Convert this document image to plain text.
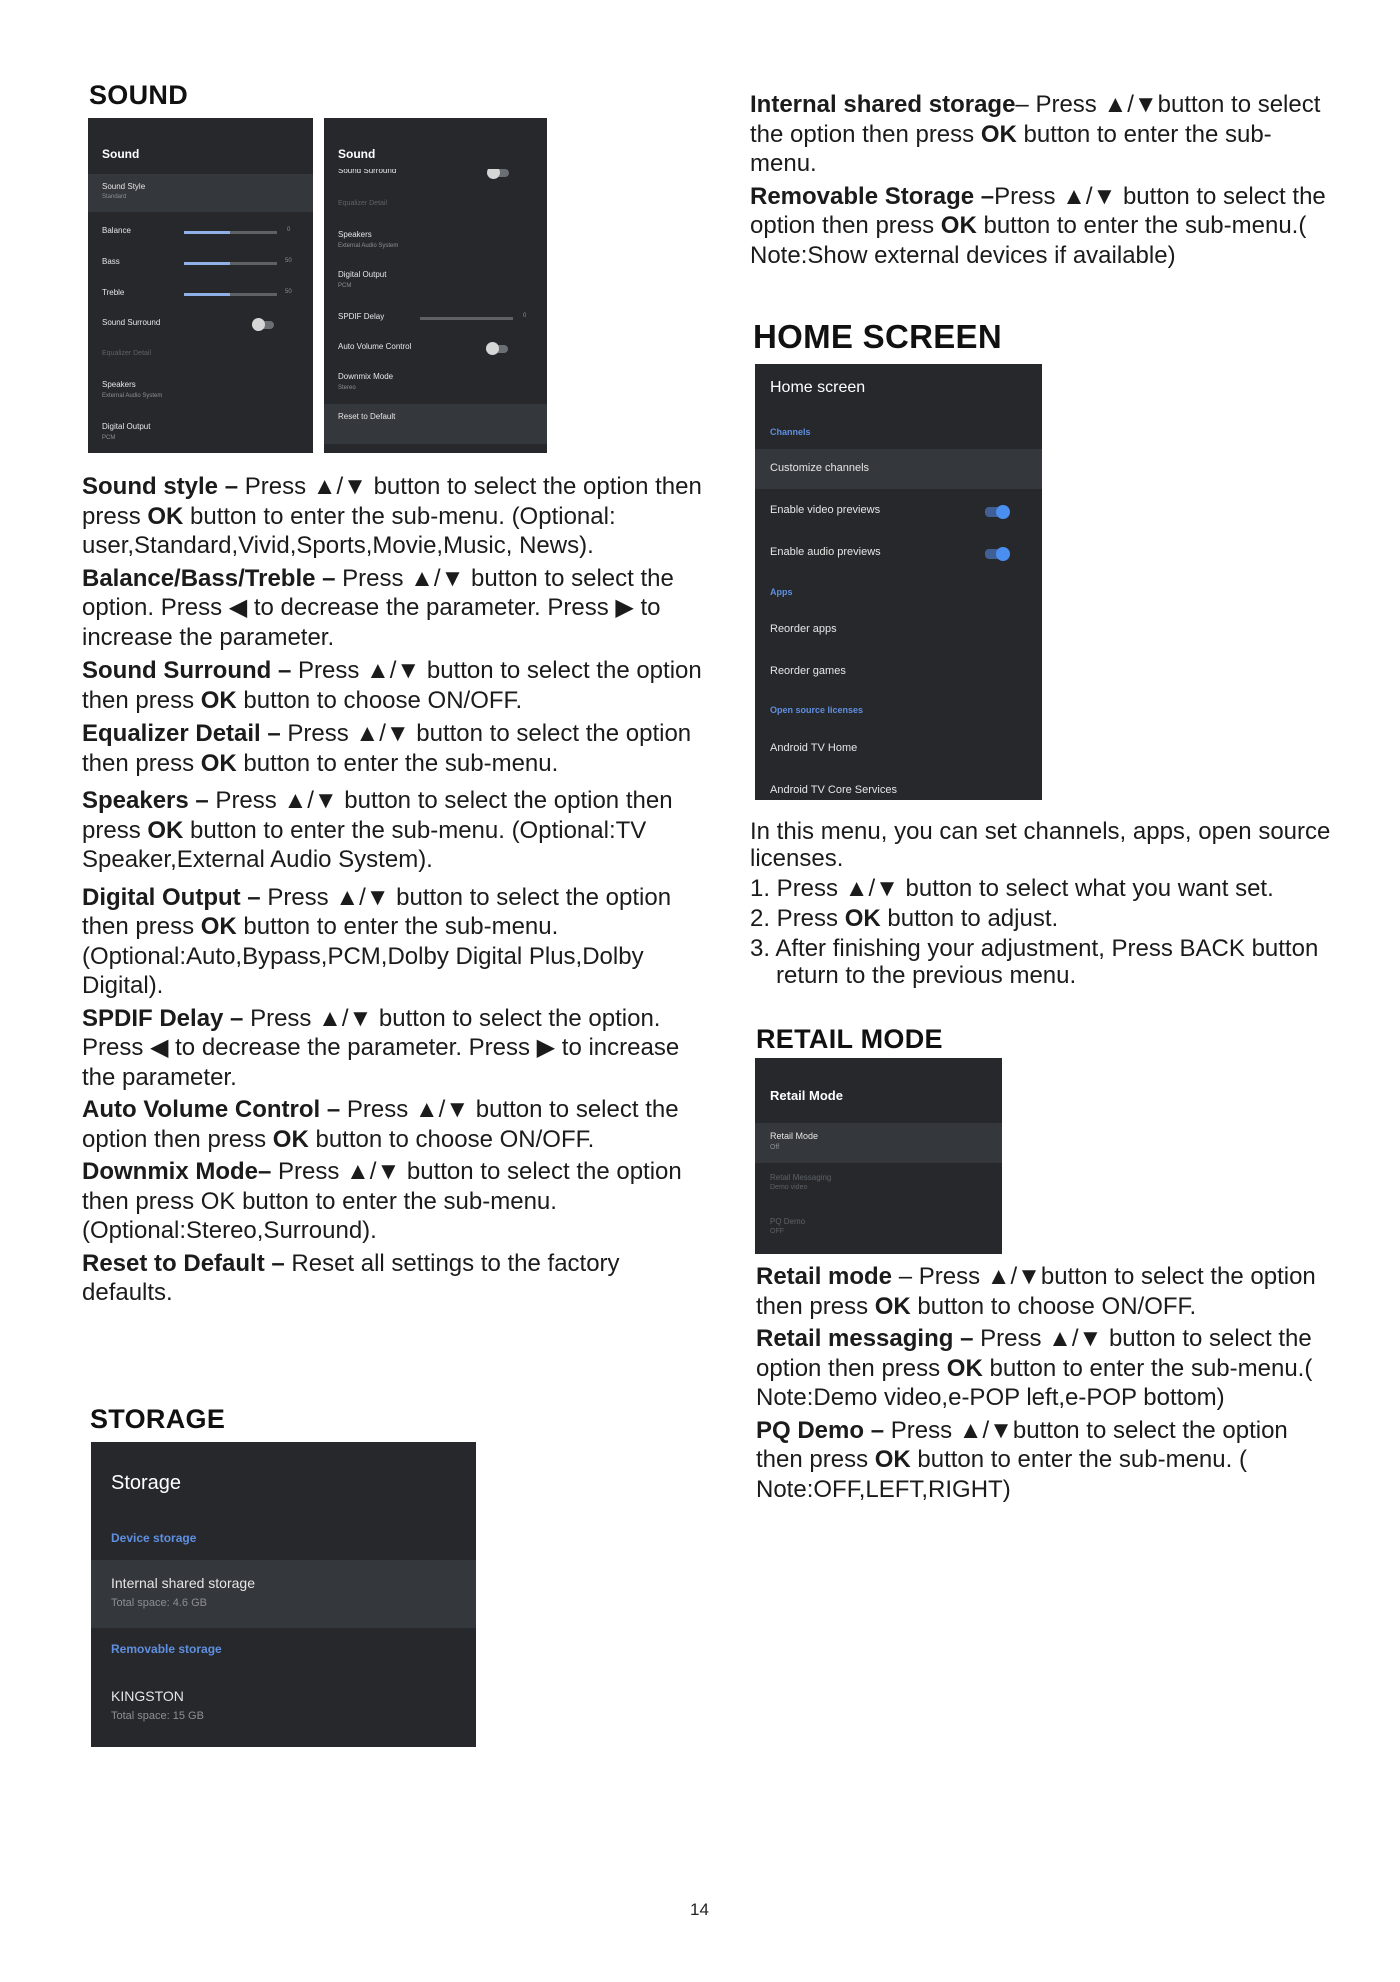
SOUND
Sound
Sound Style
Standard
Balance	0
Bass	50
Treble	50
Sound Surround
Equalizer Detail
Speakers
External Audio System
Digital Output
PCM
Sound
Sound Surround
Equalizer Detail
Speakers
External Audio System
Digital Output
PCM
SPDIF Delay	0
Auto Volume Control
Downmix Mode
Stereo
Reset to Default

Sound style – Press ▲/▼ button to select the option then press OK button to enter the sub-menu. (Optional: user,Standard,Vivid,Sports,Movie,Music, News).

Balance/Bass/Treble – Press ▲/▼ button to select the option. Press ◀ to decrease the parameter. Press ▶ to increase the parameter.

Sound Surround – Press ▲/▼ button to select the option then press OK button to choose ON/OFF.

Equalizer Detail – Press ▲/▼ button to select the option then press OK button to enter the sub-menu.

Speakers – Press ▲/▼ button to select the option then press OK button to enter the sub-menu. (Optional:TV Speaker,External Audio System).

Digital Output – Press ▲/▼ button to select the option then press OK button to enter the sub-menu. (Optional:Auto,Bypass,PCM,Dolby Digital Plus,Dolby Digital).

SPDIF Delay – Press ▲/▼ button to select the option. Press ◀ to decrease the parameter. Press ▶ to increase the parameter.

Auto Volume Control – Press ▲/▼ button to select the option then press OK button to choose ON/OFF.

Downmix Mode– Press ▲/▼ button to select the option then press OK button to enter the sub-menu. (Optional:Stereo,Surround).

Reset to Default – Reset all settings to the factory defaults.

STORAGE
Storage
Device storage
Internal shared storage
Total space: 4.6 GB
Removable storage
KINGSTON
Total space: 15 GB

Internal shared storage– Press ▲/▼button to select the option then press OK button to enter the sub-menu.

Removable Storage –Press ▲/▼ button to select the option then press OK button to enter the sub-menu.( Note:Show external devices if available)

HOME SCREEN
Home screen
Channels
Customize channels
Enable video previews
Enable audio previews
Apps
Reorder apps
Reorder games
Open source licenses
Android TV Home
Android TV Core Services

In this menu, you can set channels, apps, open source licenses.

1. Press ▲/▼ button to select what you want set.

2. Press OK button to adjust.

3. After finishing your adjustment, Press BACK button return to the previous menu.

RETAIL MODE
Retail Mode
Retail Mode
Off
Retail Messaging
Demo video
PQ Demo
OFF

Retail mode – Press ▲/▼button to select the option then press OK button to choose ON/OFF.

Retail messaging – Press ▲/▼ button to select the option then press OK button to enter the sub-menu.( Note:Demo video,e-POP left,e-POP bottom)

PQ Demo – Press ▲/▼button to select the option then press OK button to enter the sub-menu. ( Note:OFF,LEFT,RIGHT)

14
